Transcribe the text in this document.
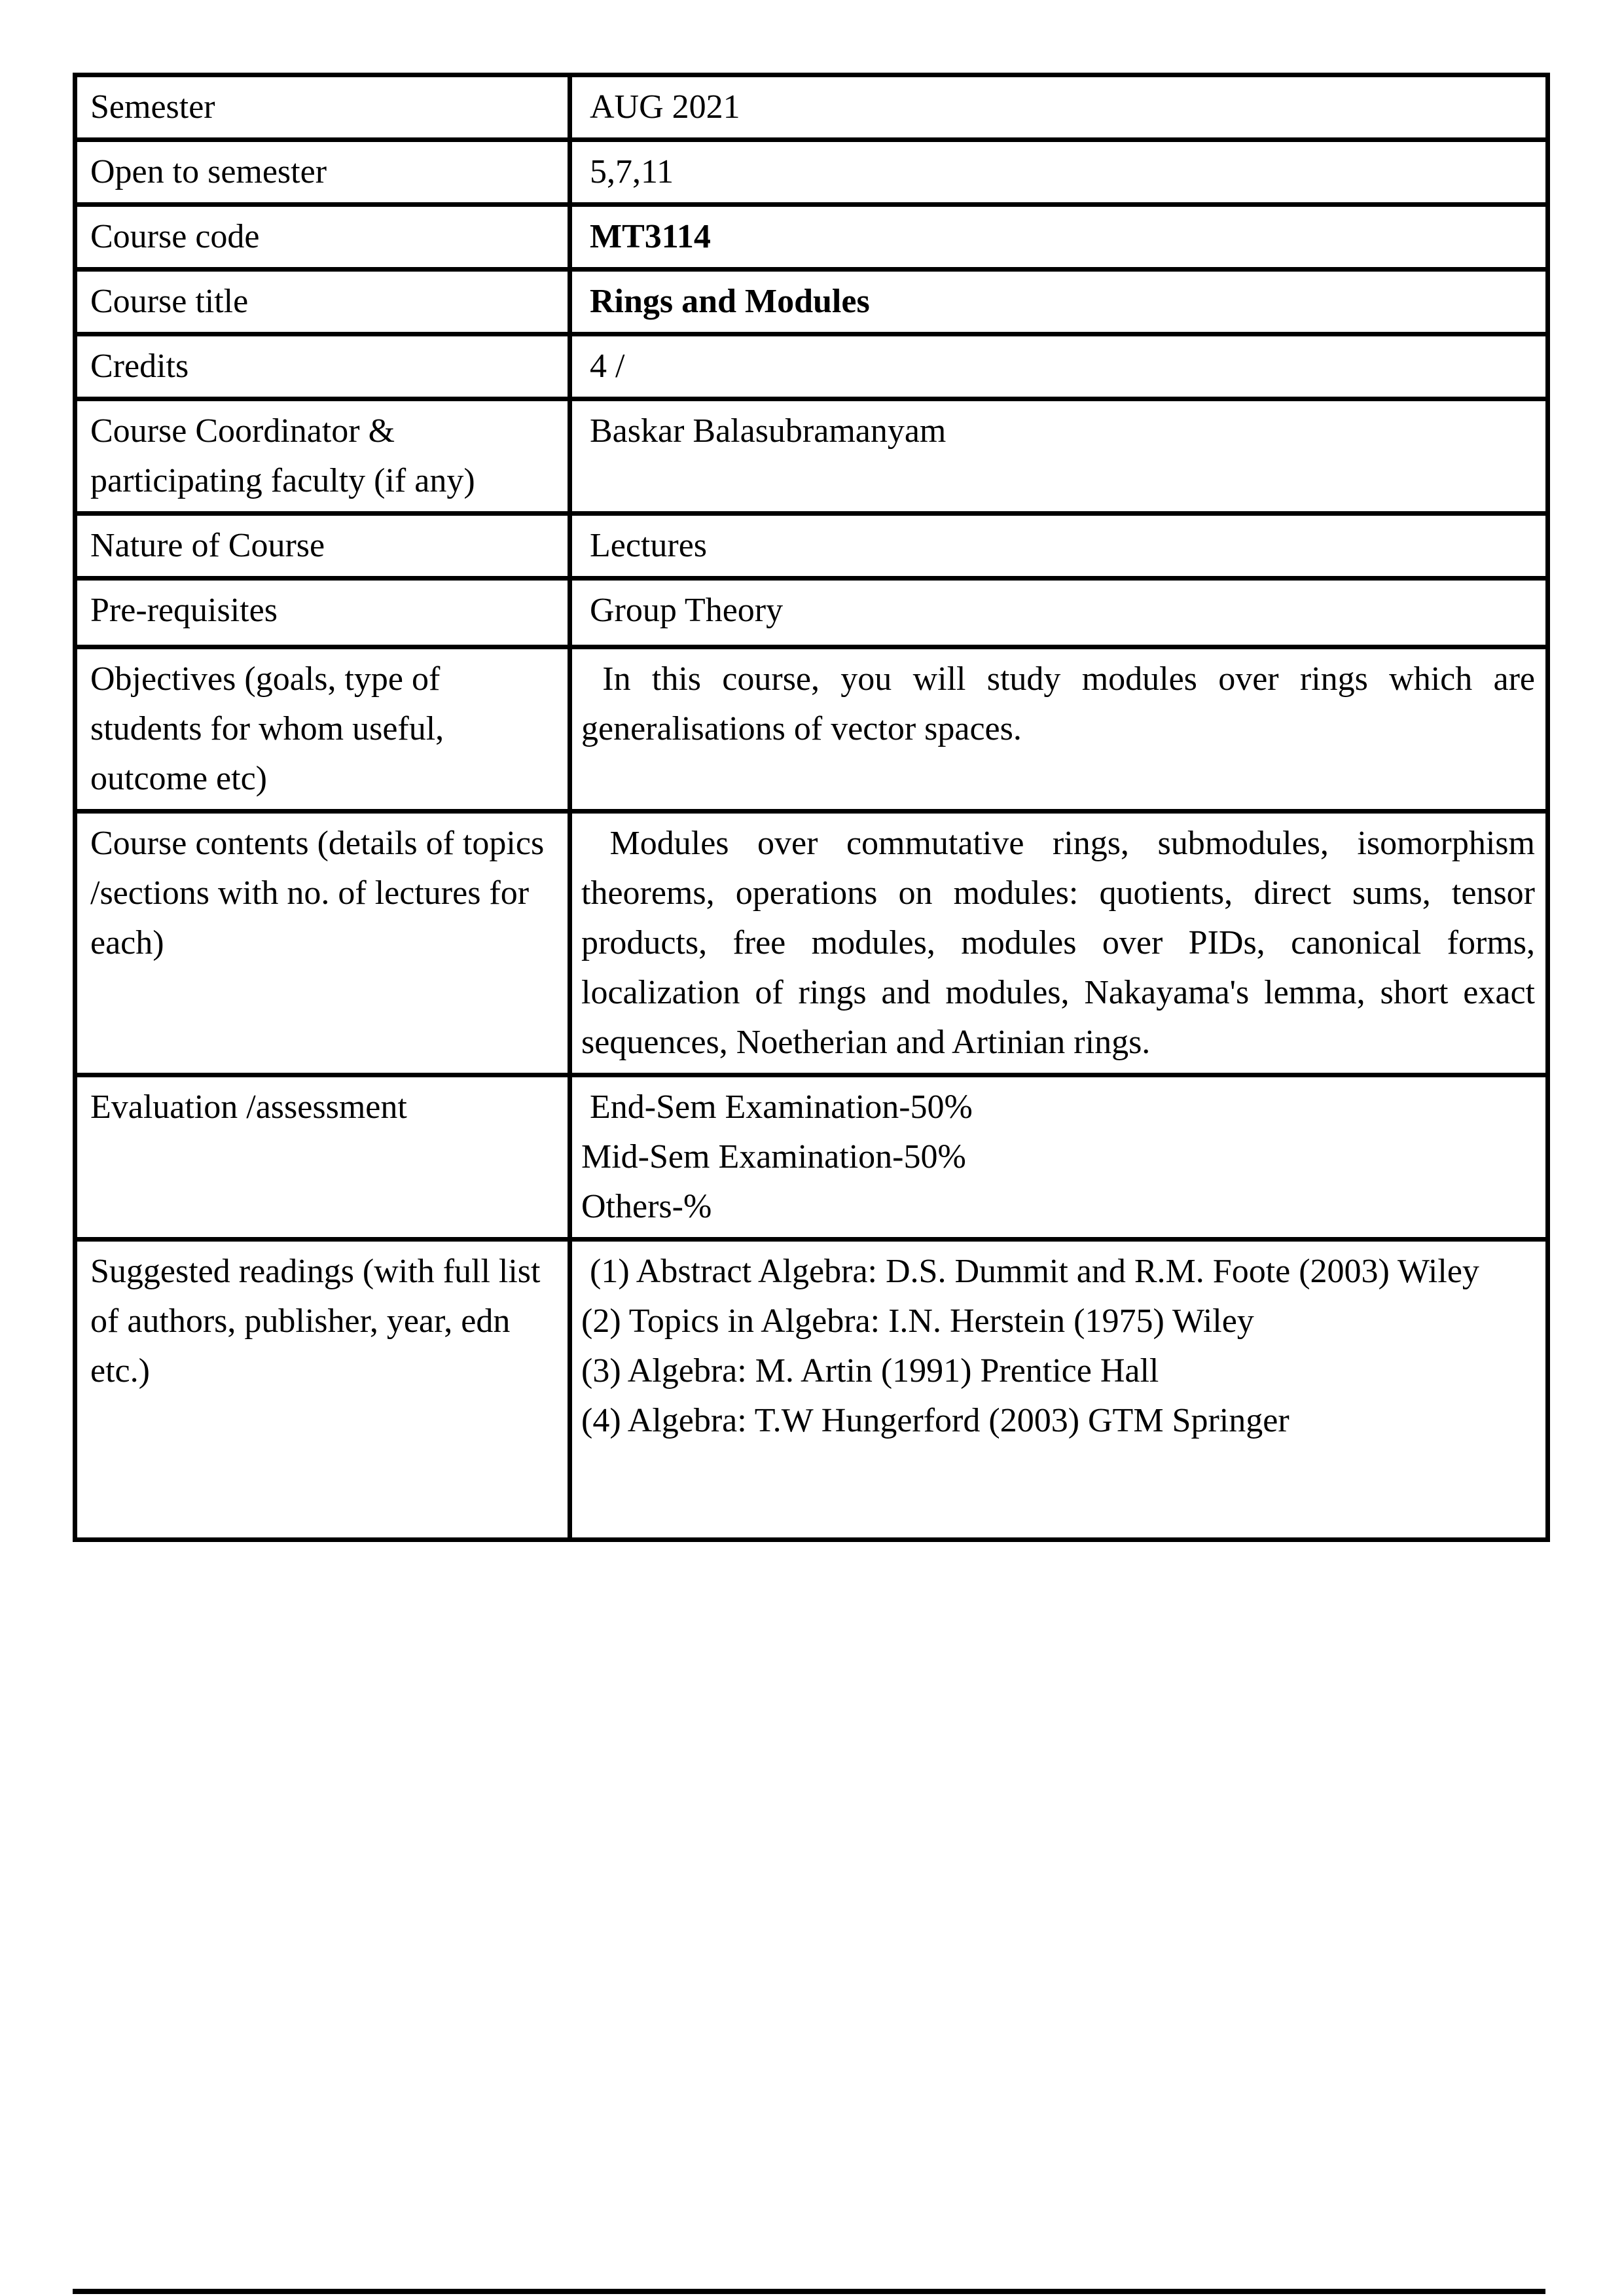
Semester	AUG 2021
Open to semester	5,7,11
Course code	MT3114
Course title	Rings and Modules
Credits	4 /
Course Coordinator & participating faculty (if any)	Baskar Balasubramanyam
Nature of Course	Lectures
Pre-requisites	Group Theory
Objectives (goals, type of students for whom useful, outcome etc)	In this course, you will study modules over rings which are generalisations of vector spaces.
Course contents (details of topics /sections with no. of lectures for each)	Modules over commutative rings, submodules, isomorphism theorems, operations on modules: quotients, direct sums, tensor products, free modules, modules over PIDs, canonical forms, localization of rings and modules, Nakayama's lemma, short exact sequences, Noetherian and Artinian rings.
Evaluation /assessment	End-Sem Examination-50%
Mid-Sem Examination-50%
Others-%

Suggested readings (with full list of authors, publisher, year, edn etc.)	(1) Abstract Algebra: D.S. Dummit and R.M. Foote (2003) Wiley
(2) Topics in Algebra: I.N. Herstein (1975) Wiley
(3) Algebra: M. Artin (1991) Prentice Hall
(4) Algebra: T.W Hungerford (2003) GTM Springer
